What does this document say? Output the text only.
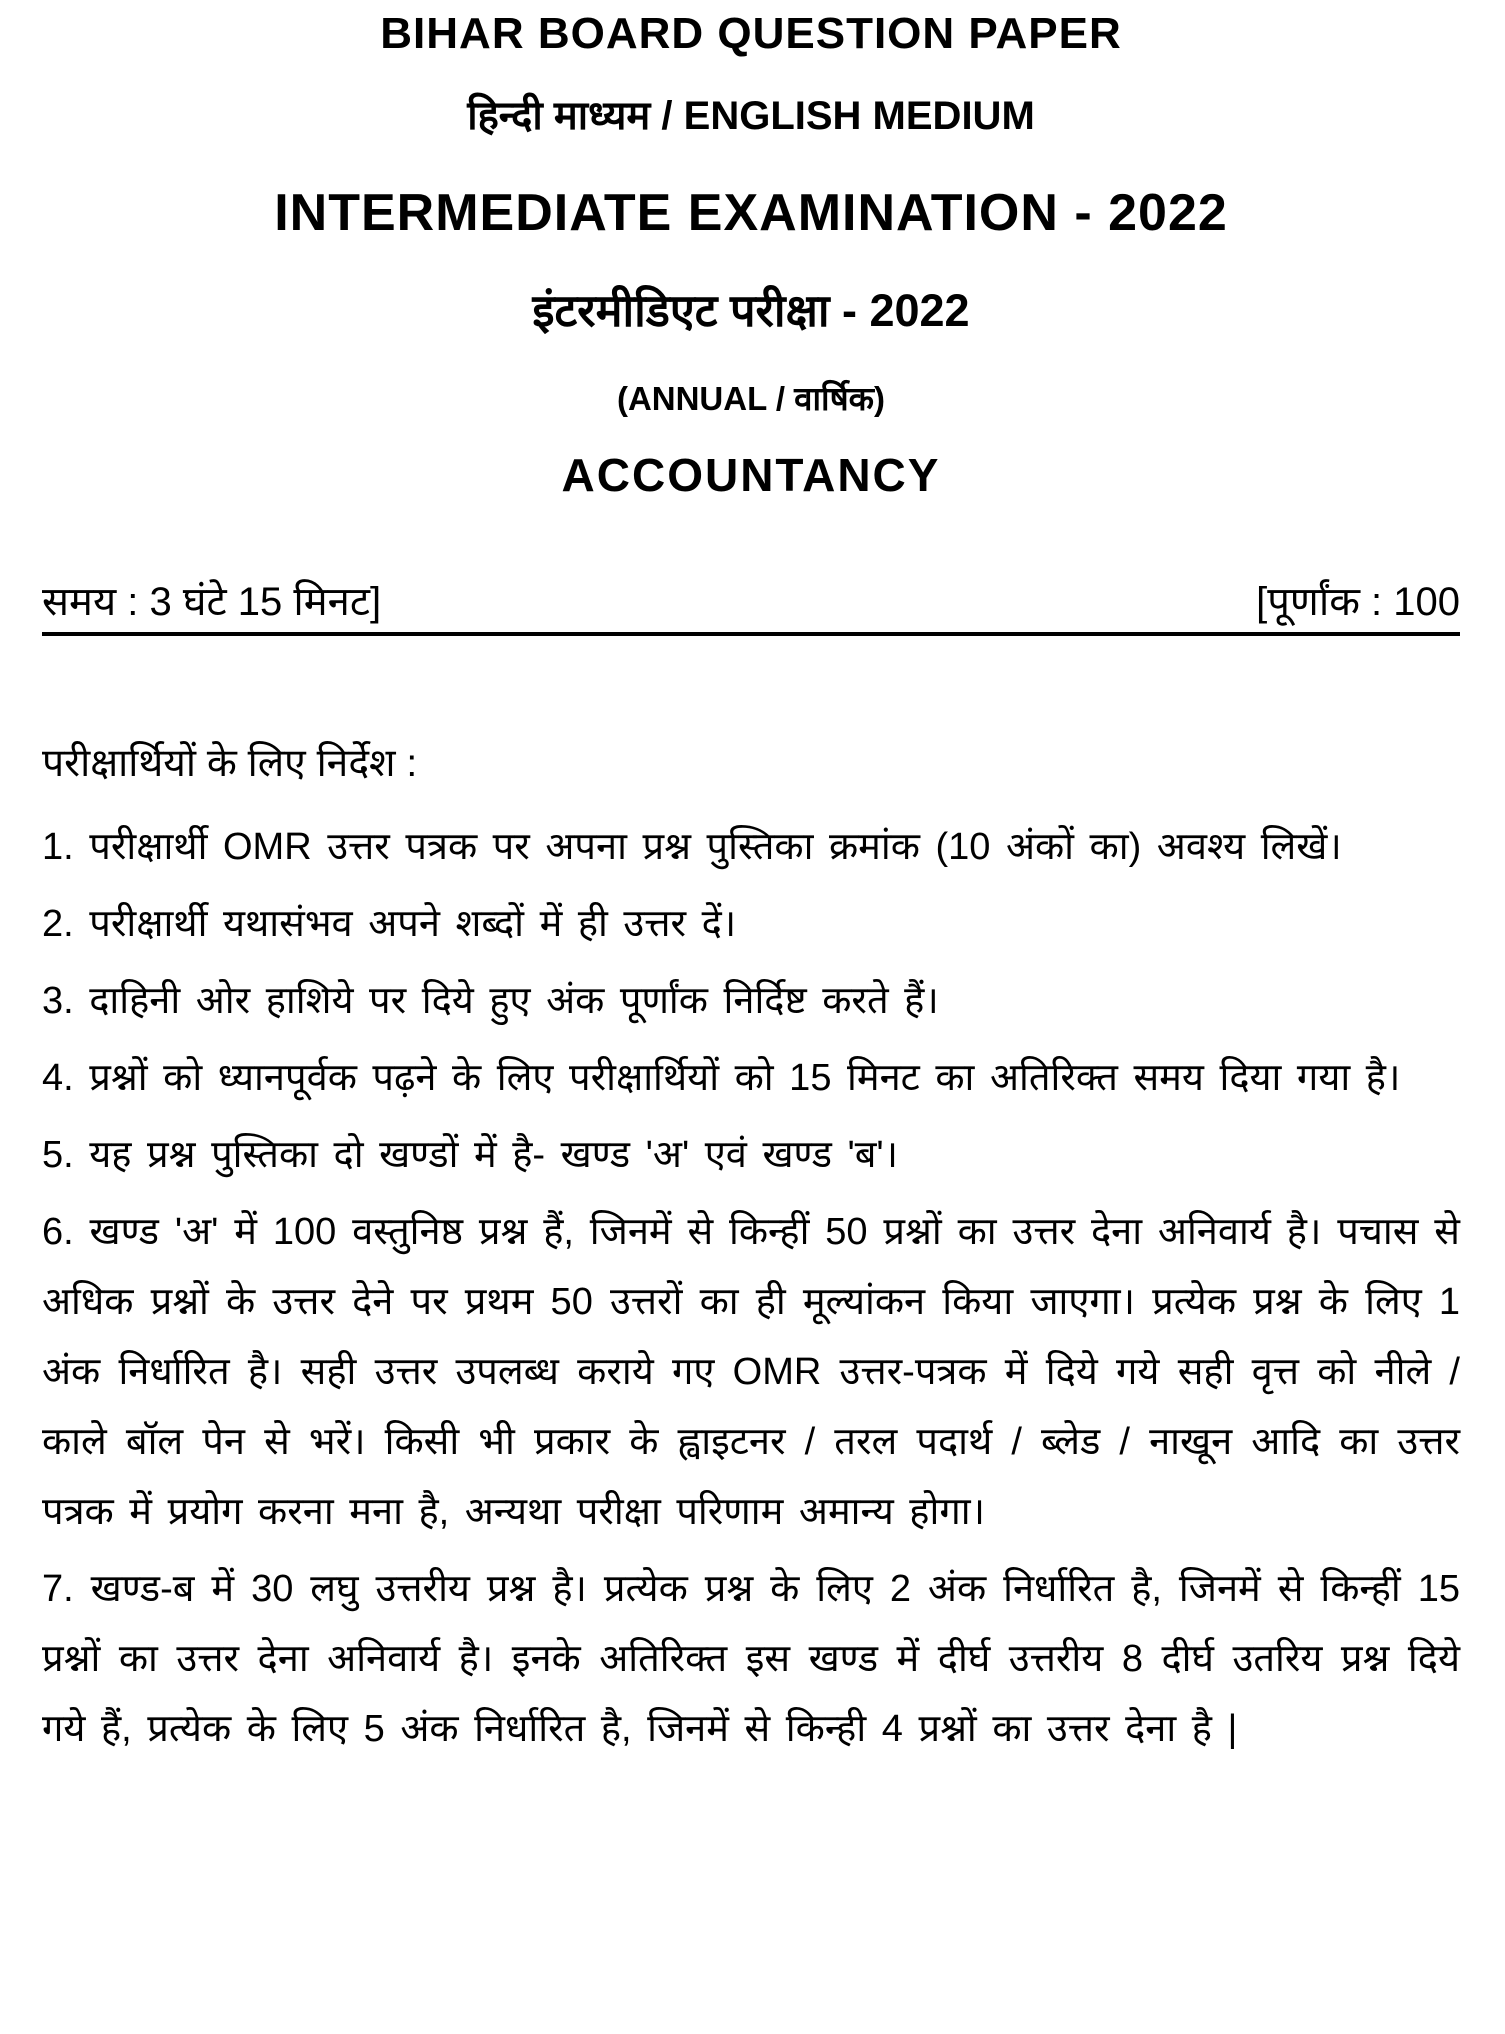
BIHAR BOARD QUESTION PAPER
हिन्दी माध्यम / ENGLISH MEDIUM
INTERMEDIATE EXAMINATION - 2022
इंटरमीडिएट परीक्षा - 2022
(ANNUAL / वार्षिक)
ACCOUNTANCY
समय : 3 घंटे 15 मिनट]	[पूर्णांक : 100
परीक्षार्थियों के लिए निर्देश :

1. परीक्षार्थी OMR उत्तर पत्रक पर अपना प्रश्न पुस्तिका क्रमांक (10 अंकों का) अवश्य लिखें।

2. परीक्षार्थी यथासंभव अपने शब्दों में ही उत्तर दें।

3. दाहिनी ओर हाशिये पर दिये हुए अंक पूर्णांक निर्दिष्ट करते हैं।

4. प्रश्नों को ध्यानपूर्वक पढ़ने के लिए परीक्षार्थियों को 15 मिनट का अतिरिक्त समय दिया गया है।

5. यह प्रश्न पुस्तिका दो खण्डों में है- खण्ड 'अ' एवं खण्ड 'ब'।

6. खण्ड 'अ' में 100 वस्तुनिष्ठ प्रश्न हैं, जिनमें से किन्हीं 50 प्रश्नों का उत्तर देना अनिवार्य है। पचास से अधिक प्रश्नों के उत्तर देने पर प्रथम 50 उत्तरों का ही मूल्यांकन किया जाएगा। प्रत्येक प्रश्न के लिए 1 अंक निर्धारित है। सही उत्तर उपलब्ध कराये गए OMR उत्तर-पत्रक में दिये गये सही वृत्त को नीले / काले बॉल पेन से भरें। किसी भी प्रकार के ह्वाइटनर / तरल पदार्थ / ब्लेड / नाखून आदि का उत्तर पत्रक में प्रयोग करना मना है, अन्यथा परीक्षा परिणाम अमान्य होगा।

7. खण्ड-ब में 30 लघु उत्तरीय प्रश्न है। प्रत्येक प्रश्न के लिए 2 अंक निर्धारित है, जिनमें से किन्हीं 15 प्रश्नों का उत्तर देना अनिवार्य है। इनके अतिरिक्त इस खण्ड में दीर्घ उत्तरीय 8 दीर्घ उतरिय प्रश्न दिये गये हैं, प्रत्येक के लिए 5 अंक निर्धारित है, जिनमें से किन्ही 4 प्रश्नों का उत्तर देना है |
